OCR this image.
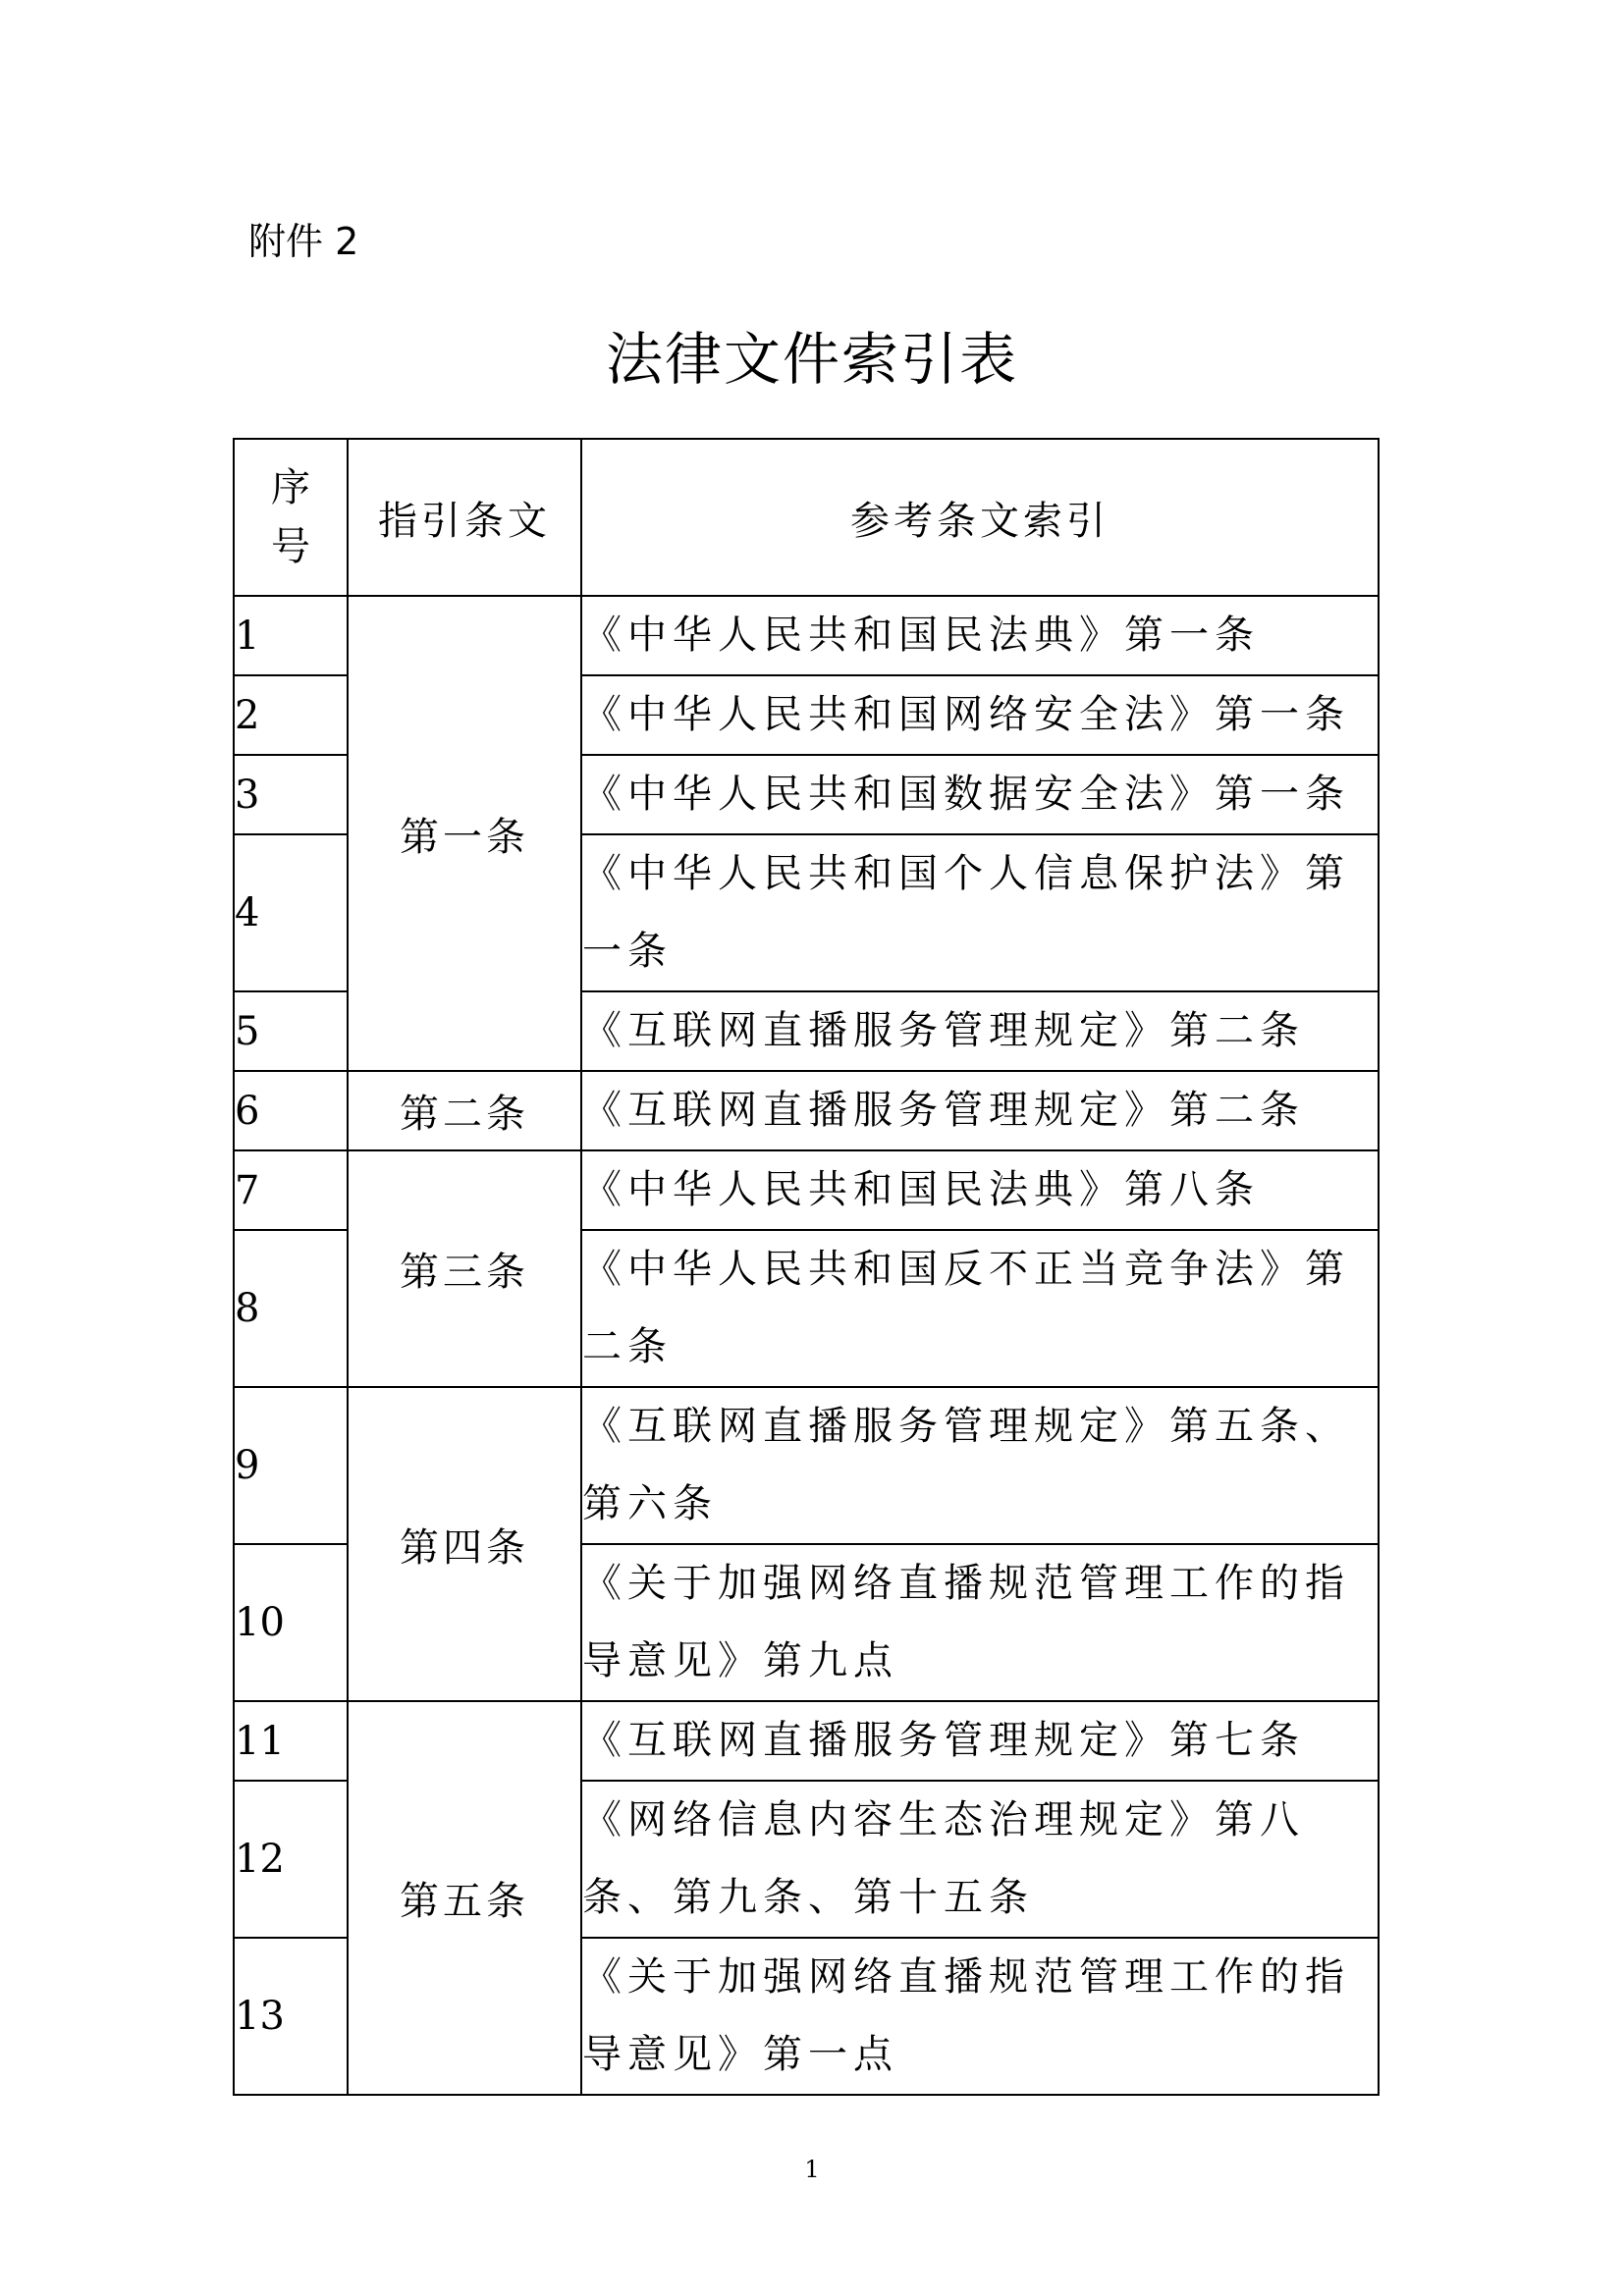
附件 2
法律文件索引表
序
号	指引条文	参考条文索引
1	第一条	《中华人民共和国民法典》第一条
2		《中华人民共和国网络安全法》第一条
3		《中华人民共和国数据安全法》第一条
4		《中华人民共和国个人信息保护法》第一条
5		《互联网直播服务管理规定》第二条
6	第二条	《互联网直播服务管理规定》第二条
7	第三条	《中华人民共和国民法典》第八条
8		《中华人民共和国反不正当竞争法》第二条
9	第四条	《互联网直播服务管理规定》第五条、第六条
10		《关于加强网络直播规范管理工作的指导意见》第九点
11	第五条	《互联网直播服务管理规定》第七条
12		《网络信息内容生态治理规定》第八条、第九条、第十五条
13		《关于加强网络直播规范管理工作的指导意见》第一点
1
